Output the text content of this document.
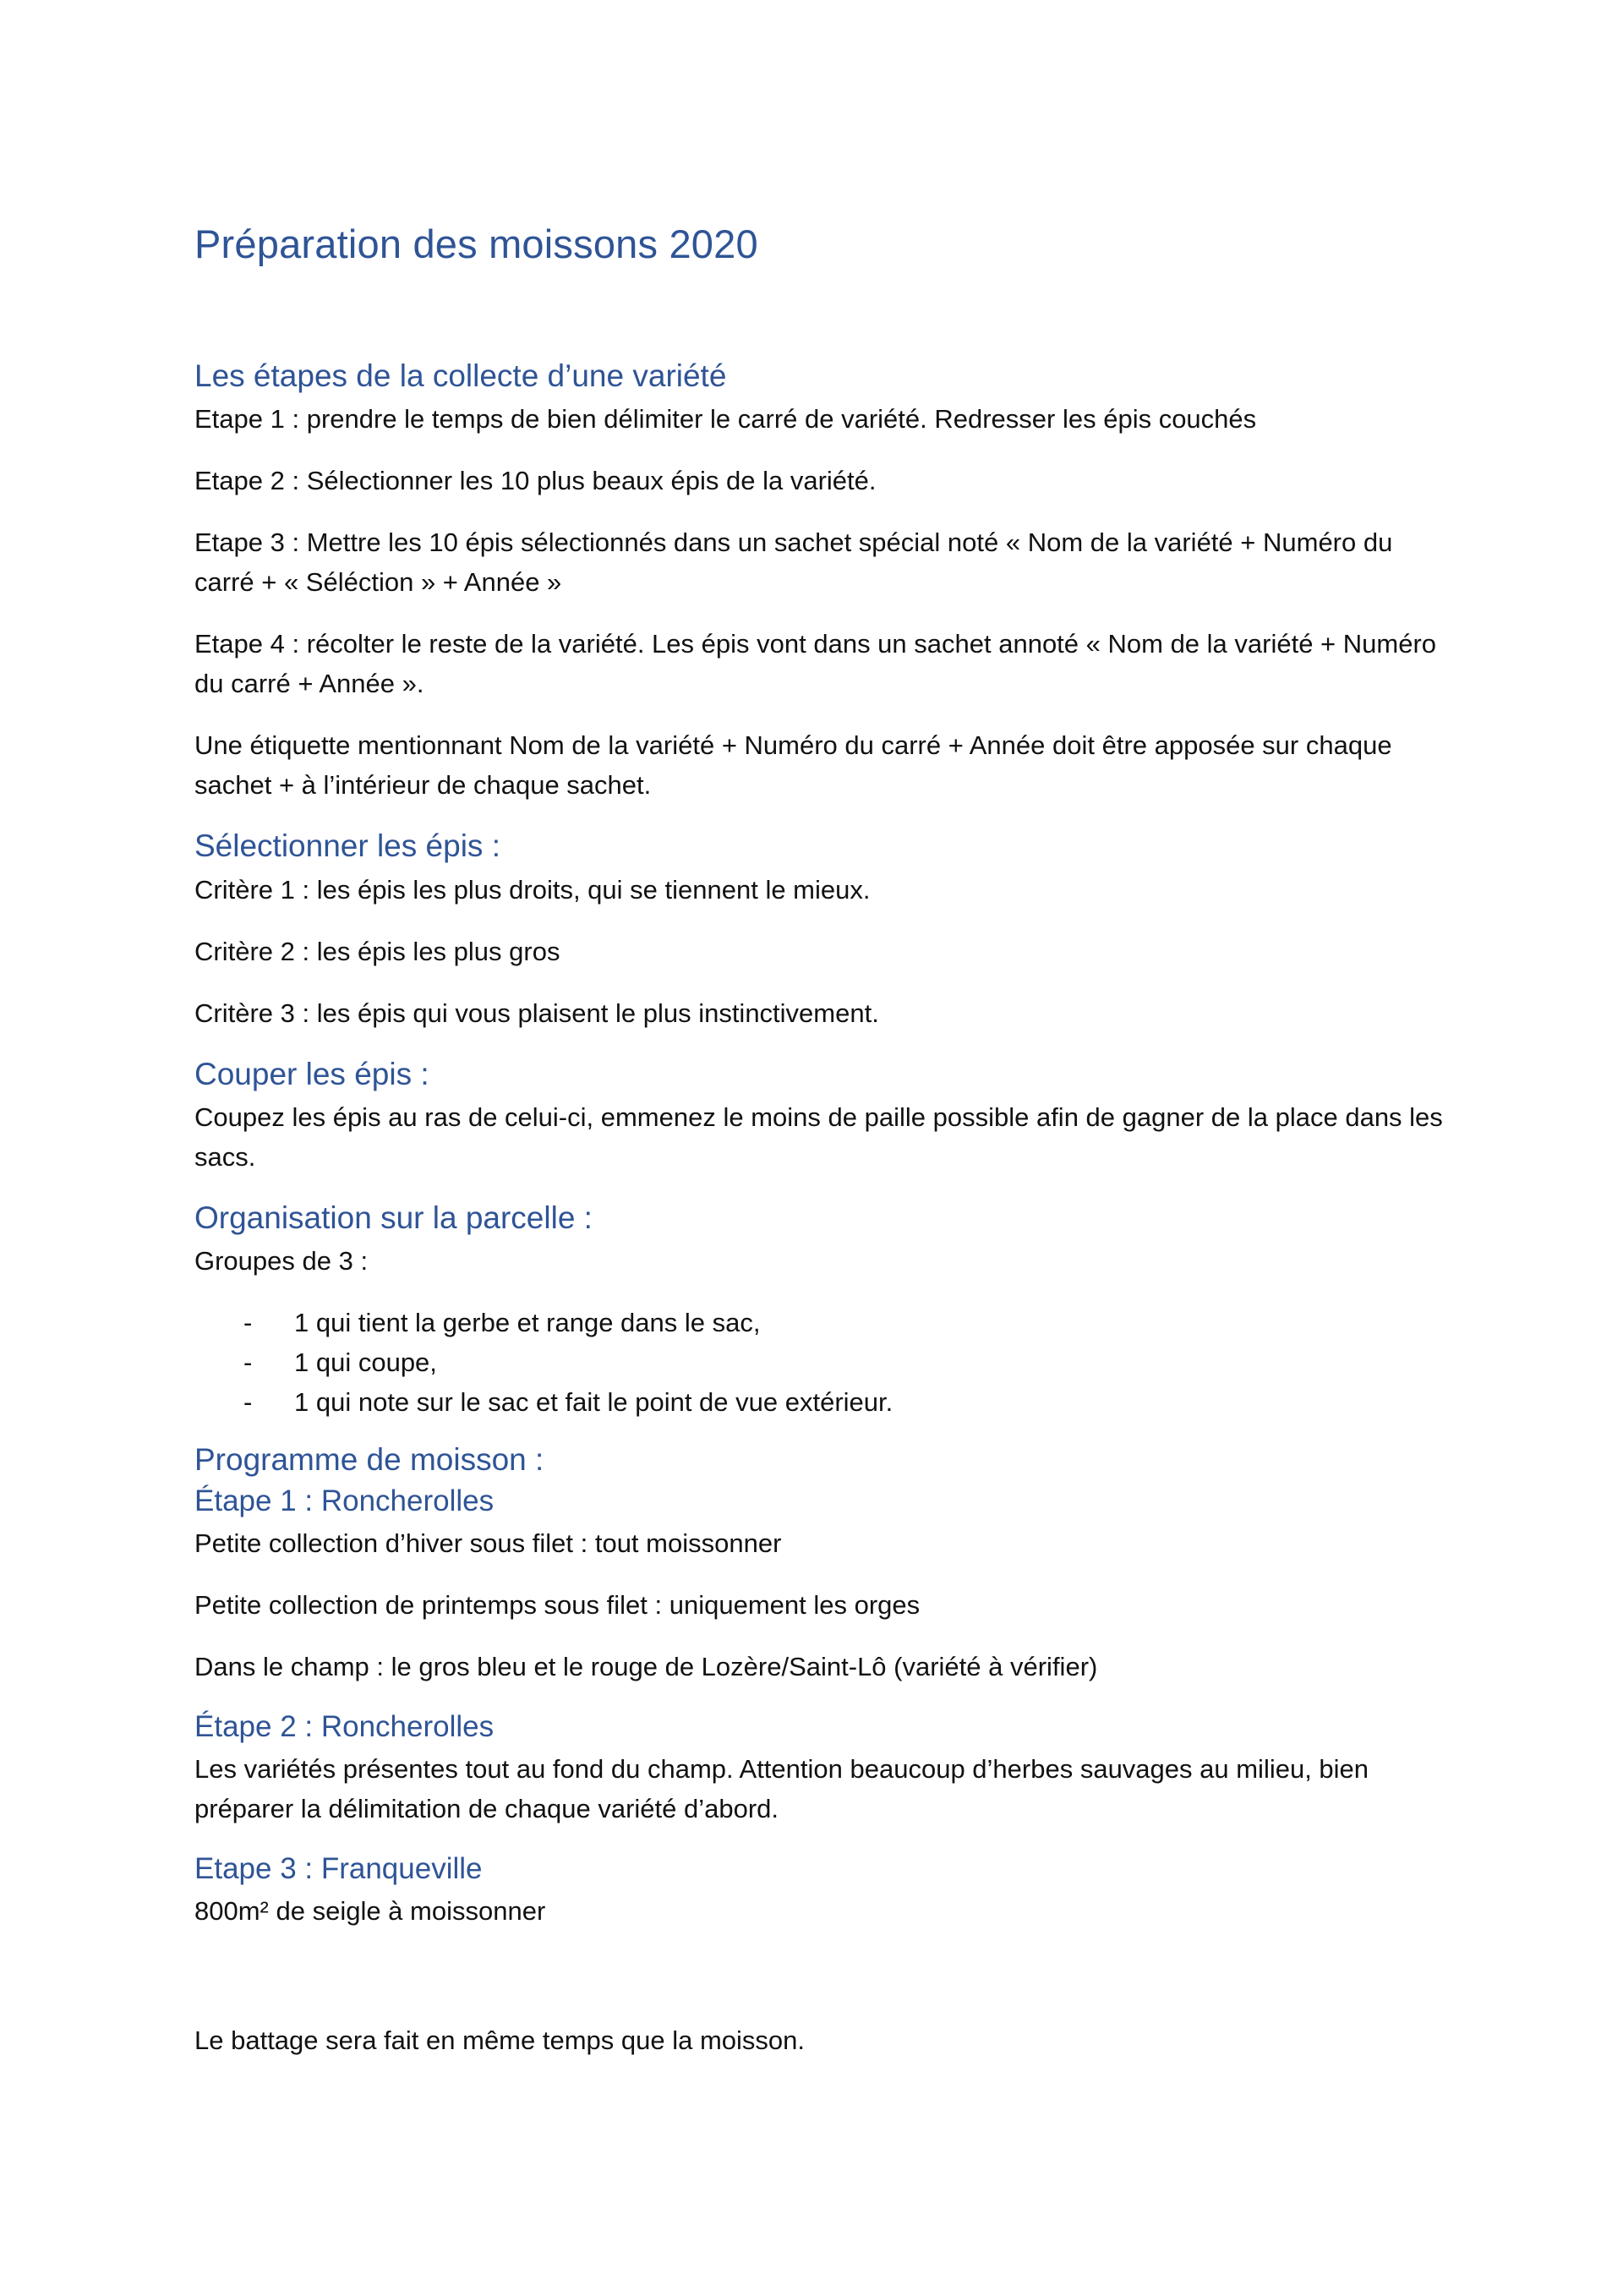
Préparation des moissons 2020
Les étapes de la collecte d’une variété

Etape 1 : prendre le temps de bien délimiter le carré de variété. Redresser les épis couchés

Etape 2 : Sélectionner les 10 plus beaux épis de la variété.

Etape 3 : Mettre les 10 épis sélectionnés dans un sachet spécial noté « Nom de la variété + Numéro du carré + « Séléction » + Année »

Etape 4 : récolter le reste de la variété. Les épis vont dans un sachet annoté « Nom de la variété + Numéro du carré + Année ».

Une étiquette mentionnant Nom de la variété + Numéro du carré + Année doit être apposée sur chaque sachet + à l’intérieur de chaque sachet.

Sélectionner les épis :

Critère 1 : les épis les plus droits, qui se tiennent le mieux.

Critère 2 : les épis les plus gros

Critère 3 : les épis qui vous plaisent le plus instinctivement.

Couper les épis :

Coupez les épis au ras de celui-ci, emmenez le moins de paille possible afin de gagner de la place dans les sacs.

Organisation sur la parcelle :

Groupes de 3 :

- 1 qui tient la gerbe et range dans le sac,
- 1 qui coupe,
- 1 qui note sur le sac et fait le point de vue extérieur.
Programme de moisson :
Étape 1 : Roncherolles

Petite collection d’hiver sous filet : tout moissonner

Petite collection de printemps sous filet : uniquement les orges

Dans le champ : le gros bleu et le rouge de Lozère/Saint-Lô (variété à vérifier)

Étape 2 : Roncherolles

Les variétés présentes tout au fond du champ. Attention beaucoup d’herbes sauvages au milieu, bien préparer la délimitation de chaque variété d’abord.

Etape 3 : Franqueville

800m² de seigle à moissonner

Le battage sera fait en même temps que la moisson.
